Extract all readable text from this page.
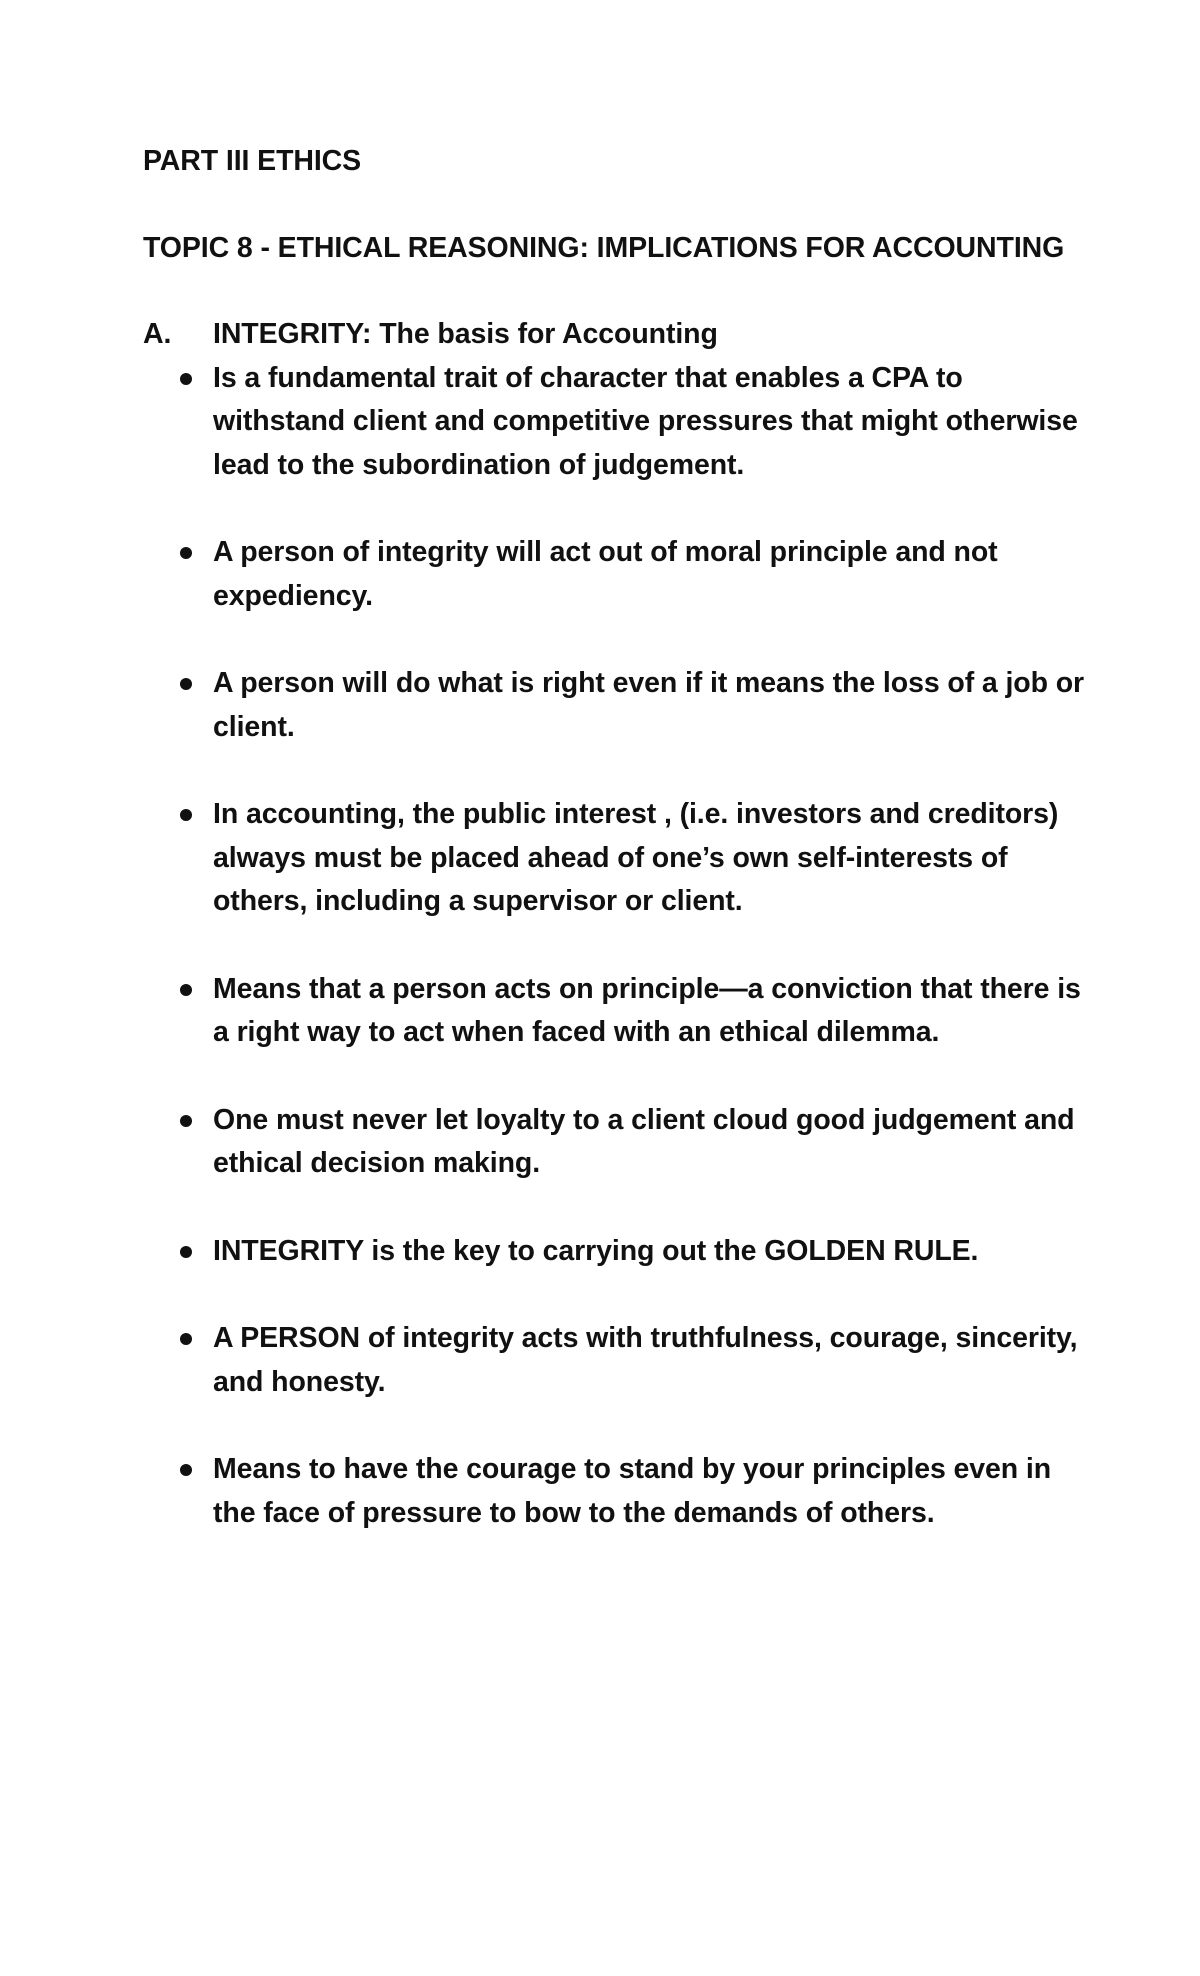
PART III ETHICS

TOPIC 8 - ETHICAL REASONING: IMPLICATIONS FOR ACCOUNTING

A. INTEGRITY: The basis for Accounting

Is a fundamental trait of character that enables a CPA to withstand client and competitive pressures that might otherwise lead to the subordination of judgement.
A person of integrity will act out of moral principle and not expediency.
A person will do what is right even if it means the loss of a job or client.
In accounting, the public interest , (i.e. investors and creditors) always must be placed ahead of one’s own self-interests of others, including a supervisor or client.
Means that a person acts on principle—a conviction that there is a right way to act when faced with an ethical dilemma.
One must never let loyalty to a client cloud good judgement and ethical decision making.
INTEGRITY is the key to carrying out the GOLDEN RULE.
A PERSON of integrity acts with truthfulness, courage, sincerity, and honesty.
Means to have the courage to stand by your principles even in the face of pressure to bow to the demands of others.
